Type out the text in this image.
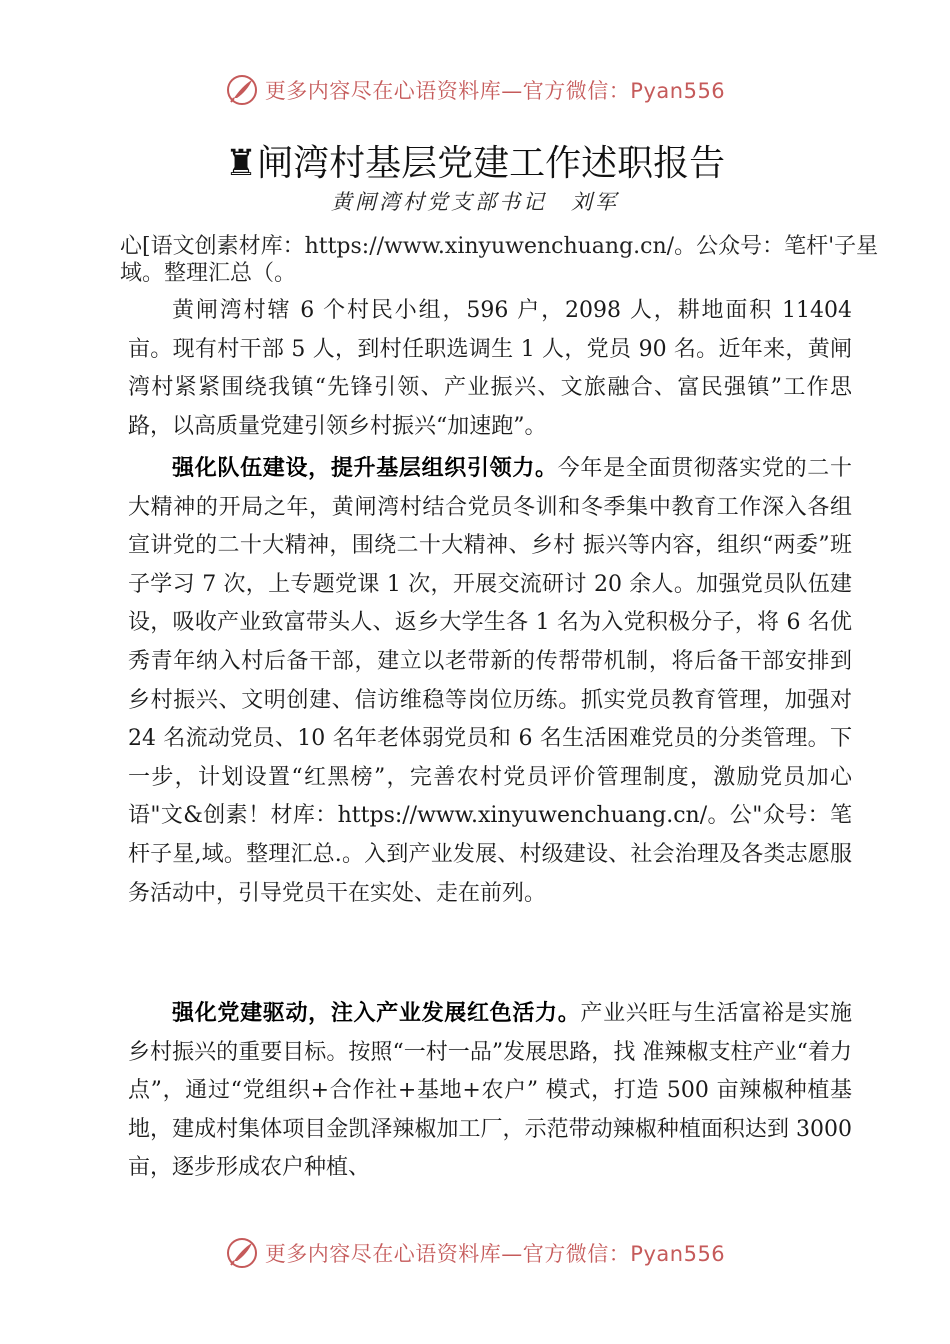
更多内容尽在心语资料库—官方微信：Pyan556
♜闸湾村基层党建工作述职报告
黄闸湾村党支部书记　刘军

心[语文创素材库：https://www.xinyuwenchuang.cn/。公众号：笔杆'子星域。整理汇总（。

黄闸湾村辖 6 个村民小组，596 户，2098 人，耕地面积 11404 亩。现有村干部 5 人，到村任职选调生 1 人，党员 90 名。近年来，黄闸湾村紧紧围绕我镇“先锋引领、产业振兴、文旅融合、富民强镇”工作思路，以高质量党建引领乡村振兴“加速跑”。

强化队伍建设，提升基层组织引领力。今年是全面贯彻落实党的二十大精神的开局之年，黄闸湾村结合党员冬训和冬季集中教育工作深入各组宣讲党的二十大精神，围绕二十大精神、乡村 振兴等内容，组织“两委”班子学习 7 次，上专题党课 1 次，开展交流研讨 20 余人。加强党员队伍建设，吸收产业致富带头人、返乡大学生各 1 名为入党积极分子，将 6 名优秀青年纳入村后备干部，建立以老带新的传帮带机制，将后备干部安排到乡村振兴、文明创建、信访维稳等岗位历练。抓实党员教育管理，加强对24 名流动党员、10 名年老体弱党员和 6 名生活困难党员的分类管理。下一步，计划设置“红黑榜”，完善农村党员评价管理制度，激励党员加心语"文&创素！材库：https://www.xinyuwenchuang.cn/。公"众号：笔杆子星,域。整理汇总.。入到产业发展、村级建设、社会治理及各类志愿服务活动中，引导党员干在实处、走在前列。

强化党建驱动，注入产业发展红色活力。产业兴旺与生活富裕是实施乡村振兴的重要目标。按照“一村一品”发展思路，找 准辣椒支柱产业“着力点”，通过“党组织+合作社+基地+农户” 模式，打造 500 亩辣椒种植基地，建成村集体项目金凯泽辣椒加工厂，示范带动辣椒种植面积达到 3000 亩，逐步形成农户种植、

更多内容尽在心语资料库—官方微信：Pyan556
